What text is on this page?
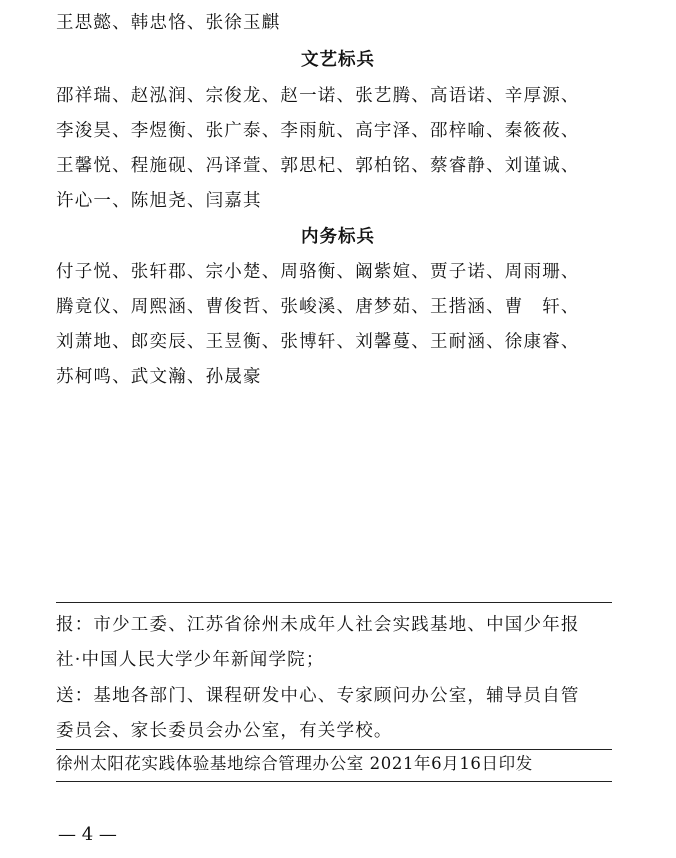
王思懿、韩忠恪、张徐玉麒
文艺标兵
邵祥瑞、赵泓润、宗俊龙、赵一诺、张艺腾、高语诺、辛厚源、
李浚昊、李煜衡、张广泰、李雨航、高宇泽、邵梓喻、秦筱莜、
王馨悦、程施砚、冯译萱、郭思杞、郭柏铭、蔡睿静、刘谨诚、
许心一、陈旭尧、闫嘉其
内务标兵
付子悦、张轩郡、宗小楚、周骆衡、阚紫媗、贾子诺、周雨珊、
腾竟仪、周熙涵、曹俊哲、张峻溪、唐梦茹、王揩涵、曹　轩、
刘萧地、郎奕辰、王昱衡、张博轩、刘馨蔓、王耐涵、徐康睿、
苏柯鸣、武文瀚、孙晟豪
报：市少工委、江苏省徐州未成年人社会实践基地、中国少年报
社·中国人民大学少年新闻学院；
送：基地各部门、课程研发中心、专家顾问办公室，辅导员自管
委员会、家长委员会办公室，有关学校。
徐州太阳花实践体验基地综合管理办公室 2021年6月16日印发
— 4 —
